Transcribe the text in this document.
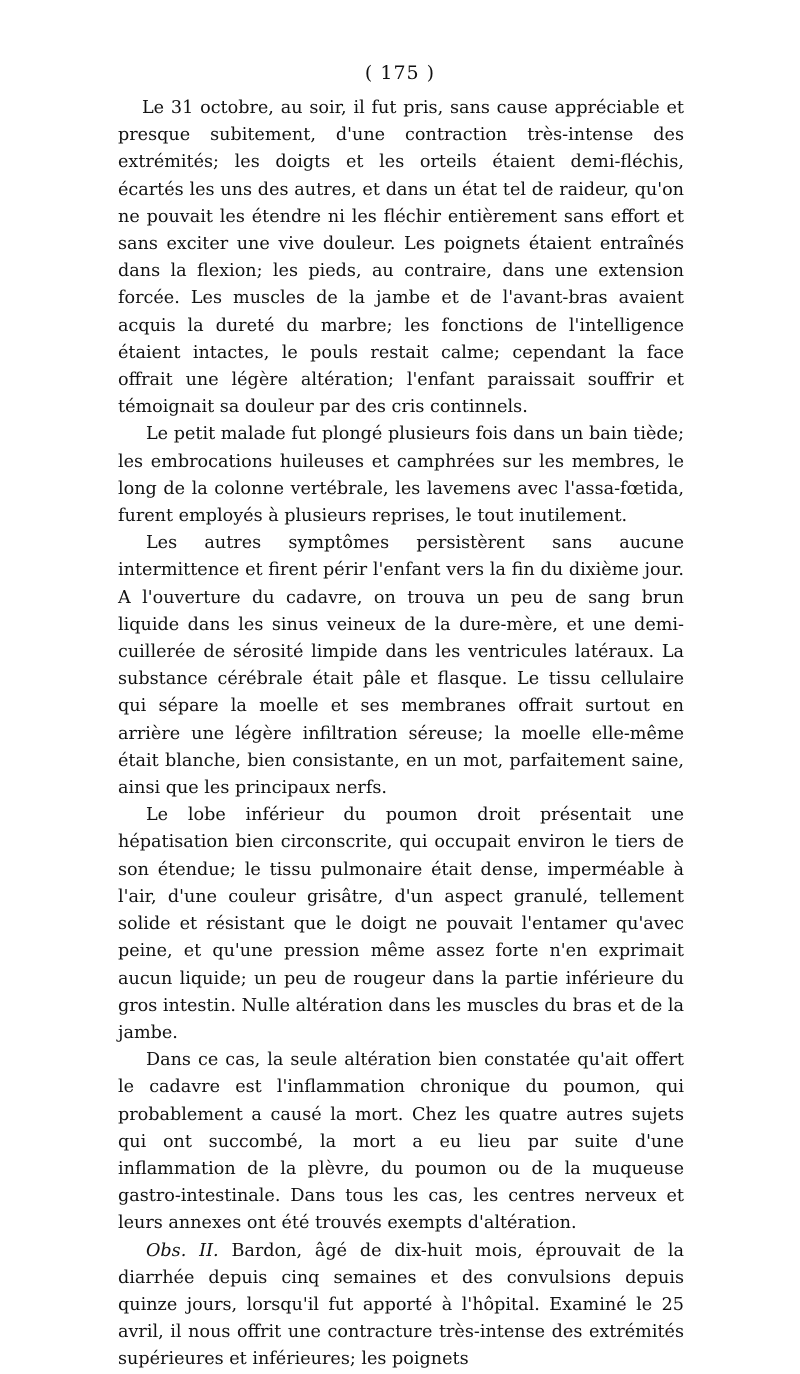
( 175 )

Le 31 octobre, au soir, il fut pris, sans cause appréciable et presque subitement, d'une contraction très-intense des extrémités; les doigts et les orteils étaient demi-fléchis, écartés les uns des autres, et dans un état tel de raideur, qu'on ne pouvait les étendre ni les fléchir entièrement sans effort et sans exciter une vive douleur. Les poignets étaient entraînés dans la flexion; les pieds, au contraire, dans une extension forcée. Les muscles de la jambe et de l'avant-bras avaient acquis la dureté du marbre; les fonctions de l'intelligence étaient intactes, le pouls restait calme; cependant la face offrait une légère altération; l'enfant paraissait souffrir et témoignait sa douleur par des cris continnels.

Le petit malade fut plongé plusieurs fois dans un bain tiède; les embrocations huileuses et camphrées sur les membres, le long de la colonne vertébrale, les lavemens avec l'assa-fœtida, furent employés à plusieurs reprises, le tout inutilement.

Les autres symptômes persistèrent sans aucune intermittence et firent périr l'enfant vers la fin du dixième jour. A l'ouverture du cadavre, on trouva un peu de sang brun liquide dans les sinus veineux de la dure-mère, et une demi-cuillerée de sérosité limpide dans les ventricules latéraux. La substance cérébrale était pâle et flasque. Le tissu cellulaire qui sépare la moelle et ses membranes offrait surtout en arrière une légère infiltration séreuse; la moelle elle-même était blanche, bien consistante, en un mot, parfaitement saine, ainsi que les principaux nerfs.

Le lobe inférieur du poumon droit présentait une hépatisation bien circonscrite, qui occupait environ le tiers de son étendue; le tissu pulmonaire était dense, imperméable à l'air, d'une couleur grisâtre, d'un aspect granulé, tellement solide et résistant que le doigt ne pouvait l'entamer qu'avec peine, et qu'une pression même assez forte n'en exprimait aucun liquide; un peu de rougeur dans la partie inférieure du gros intestin. Nulle altération dans les muscles du bras et de la jambe.

Dans ce cas, la seule altération bien constatée qu'ait offert le cadavre est l'inflammation chronique du poumon, qui probablement a causé la mort. Chez les quatre autres sujets qui ont succombé, la mort a eu lieu par suite d'une inflammation de la plèvre, du poumon ou de la muqueuse gastro-intestinale. Dans tous les cas, les centres nerveux et leurs annexes ont été trouvés exempts d'altération.

Obs. II. Bardon, âgé de dix-huit mois, éprouvait de la diarrhée depuis cinq semaines et des convulsions depuis quinze jours, lorsqu'il fut apporté à l'hôpital. Examiné le 25 avril, il nous offrit une contracture très-intense des extrémités supérieures et inférieures; les poignets
